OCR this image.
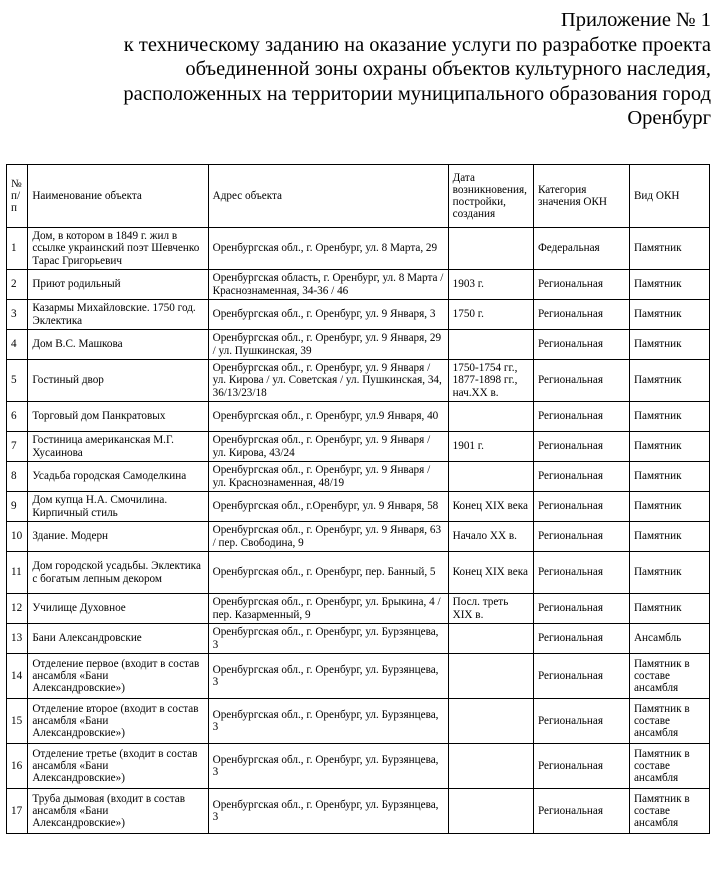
Приложение № 1
к техническому заданию на оказание услуги по разработке проекта
объединенной зоны охраны объектов культурного наследия,
расположенных на территории муниципального образования город
Оренбург
№ п/п	Наименование объекта	Адрес объекта	Дата возникновения, постройки, создания	Категория значения ОКН	Вид ОКН
1	Дом, в котором в 1849 г. жил в ссылке украинский поэт Шевченко Тарас Григорьевич	Оренбургская обл., г. Оренбург, ул. 8 Марта, 29		Федеральная	Памятник
2	Приют родильный	Оренбургская область, г. Оренбург, ул. 8 Марта / Краснознаменная, 34-36 / 46	1903 г.	Региональная	Памятник
3	Казармы Михайловские. 1750 год. Эклектика	Оренбургская обл., г. Оренбург, ул. 9 Января, 3	1750 г.	Региональная	Памятник
4	Дом В.С. Машкова	Оренбургская обл., г. Оренбург, ул. 9 Января, 29 / ул. Пушкинская, 39		Региональная	Памятник
5	Гостиный двор	Оренбургская обл., г. Оренбург, ул. 9 Января / ул. Кирова / ул. Советская / ул. Пушкинская, 34, 36/13/23/18	1750-1754 гг., 1877-1898 гг., нач.XX в.	Региональная	Памятник
6	Торговый дом Панкратовых	Оренбургская обл., г. Оренбург, ул.9 Января, 40		Региональная	Памятник
7	Гостиница американская М.Г. Хусаинова	Оренбургская обл., г. Оренбург, ул. 9 Января / ул. Кирова, 43/24	1901 г.	Региональная	Памятник
8	Усадьба городская Самоделкина	Оренбургская обл., г. Оренбург, ул. 9 Января / ул. Краснознаменная, 48/19		Региональная	Памятник
9	Дом купца Н.А. Смочилина. Кирпичный стиль	Оренбургская обл., г.Оренбург, ул. 9 Января, 58	Конец XIX века	Региональная	Памятник
10	Здание. Модерн	Оренбургская обл., г. Оренбург, ул. 9 Января, 63 / пер. Свободина, 9	Начало XX в.	Региональная	Памятник
11	Дом городской усадьбы. Эклектика с богатым лепным декором	Оренбургская обл., г. Оренбург, пер. Банный, 5	Конец XIX века	Региональная	Памятник
12	Училище Духовное	Оренбургская обл., г. Оренбург, ул. Брыкина, 4 / пер. Казарменный, 9	Посл. треть XIX в.	Региональная	Памятник
13	Бани Александровские	Оренбургская обл., г. Оренбург, ул. Бурзянцева, 3		Региональная	Ансамбль
14	Отделение первое (входит в состав ансамбля «Бани Александровские»)	Оренбургская обл., г. Оренбург, ул. Бурзянцева, 3		Региональная	Памятник в составе ансамбля
15	Отделение второе (входит в состав ансамбля «Бани Александровские»)	Оренбургская обл., г. Оренбург, ул. Бурзянцева, 3		Региональная	Памятник в составе ансамбля
16	Отделение третье (входит в состав ансамбля «Бани Александровские»)	Оренбургская обл., г. Оренбург, ул. Бурзянцева, 3		Региональная	Памятник в составе ансамбля
17	Труба дымовая (входит в состав ансамбля «Бани Александровские»)	Оренбургская обл., г. Оренбург, ул. Бурзянцева, 3		Региональная	Памятник в составе ансамбля
